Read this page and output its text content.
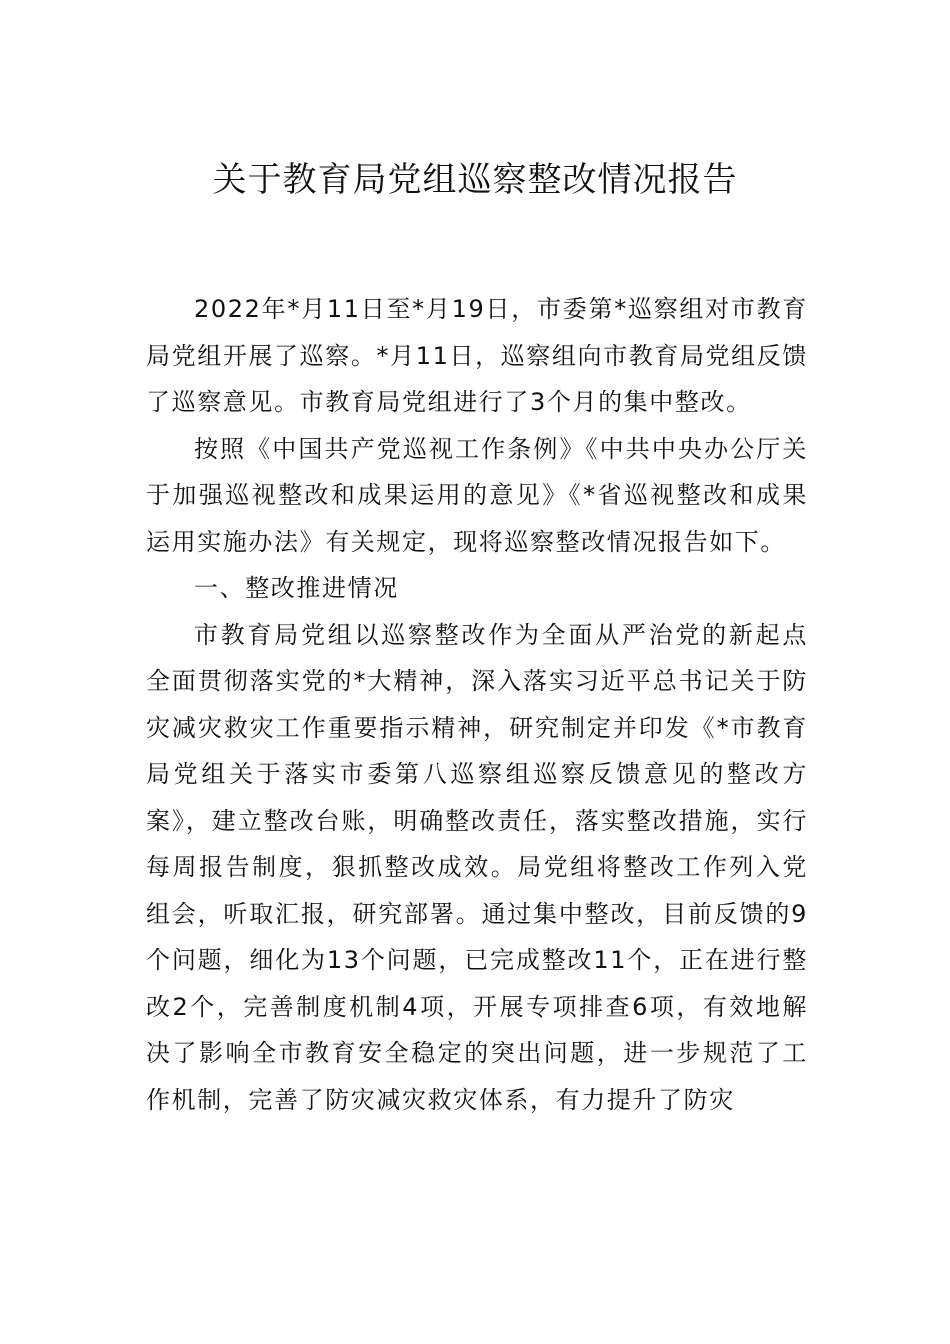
关于教育局党组巡察整改情况报告

2022年*月11日至*月19日，市委第*巡察组对市教育局党组开展了巡察。*月11日，巡察组向市教育局党组反馈了巡察意见。市教育局党组进行了3个月的集中整改。

按照《中国共产党巡视工作条例》《中共中央办公厅关于加强巡视整改和成果运用的意见》《*省巡视整改和成果运用实施办法》有关规定，现将巡察整改情况报告如下。

一、整改推进情况

市教育局党组以巡察整改作为全面从严治党的新起点全面贯彻落实党的*大精神，深入落实习近平总书记关于防灾减灾救灾工作重要指示精神，研究制定并印发《*市教育局党组关于落实市委第八巡察组巡察反馈意见的整改方案》，建立整改台账，明确整改责任，落实整改措施，实行每周报告制度，狠抓整改成效。局党组将整改工作列入党组会，听取汇报，研究部署。通过集中整改，目前反馈的9个问题，细化为13个问题，已完成整改11个，正在进行整改2个，完善制度机制4项，开展专项排查6项，有效地解决了影响全市教育安全稳定的突出问题，进一步规范了工作机制，完善了防灾减灾救灾体系，有力提升了防灾
